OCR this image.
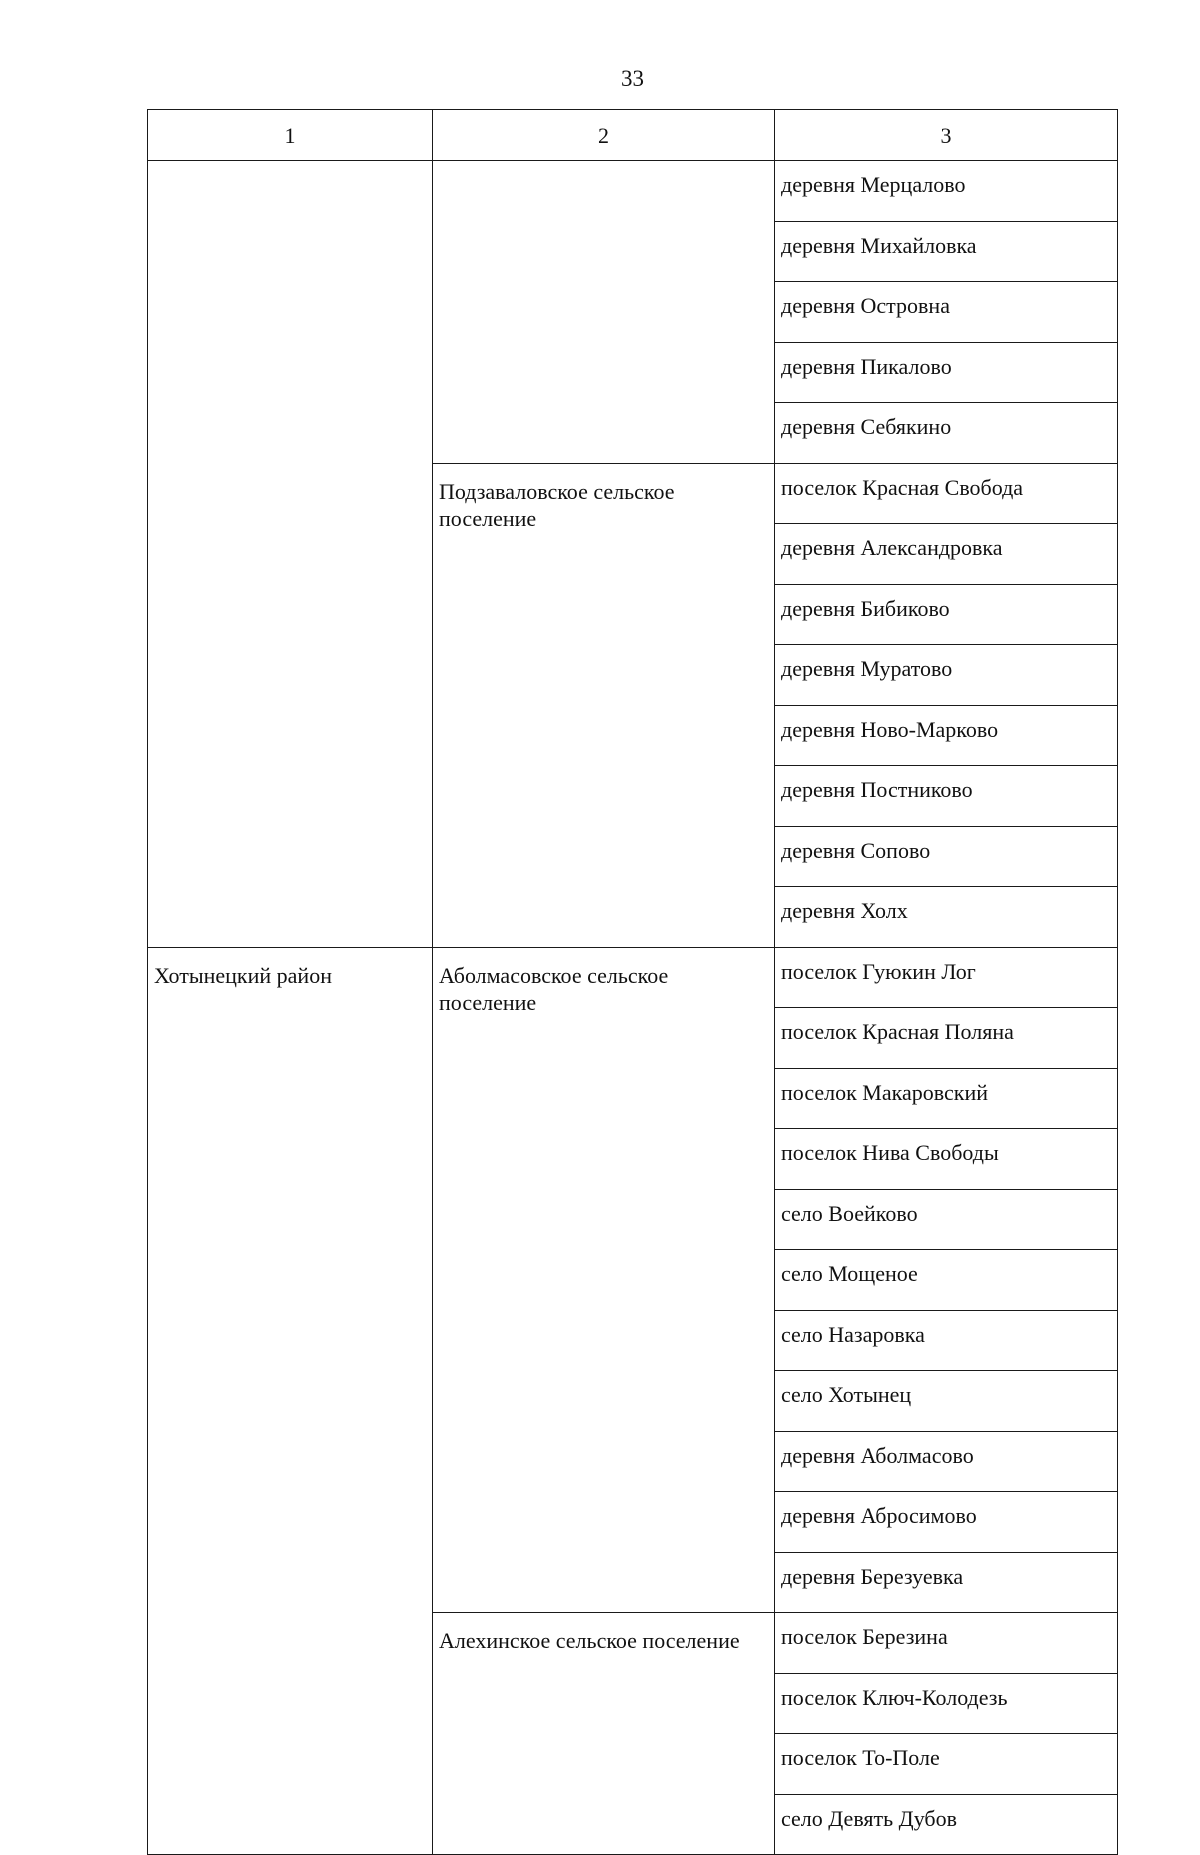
33
1	2	3
		деревня Мерцалово
		деревня Михайловка
		деревня Островна
		деревня Пикалово
		деревня Себякино
	Подзаваловское сельское поселение	поселок Красная Свобода
		деревня Александровка
		деревня Бибиково
		деревня Муратово
		деревня Ново-Марково
		деревня Постниково
		деревня Сопово
		деревня Холх
Хотынецкий район	Аболмасовское сельское поселение	поселок Гуюкин Лог
		поселок Красная Поляна
		поселок Макаровский
		поселок Нива Свободы
		село Воейково
		село Мощеное
		село Назаровка
		село Хотынец
		деревня Аболмасово
		деревня Абросимово
		деревня Березуевка
	Алехинское сельское поселение	поселок Березина
		поселок Ключ-Колодезь
		поселок То-Поле
		село Девять Дубов
